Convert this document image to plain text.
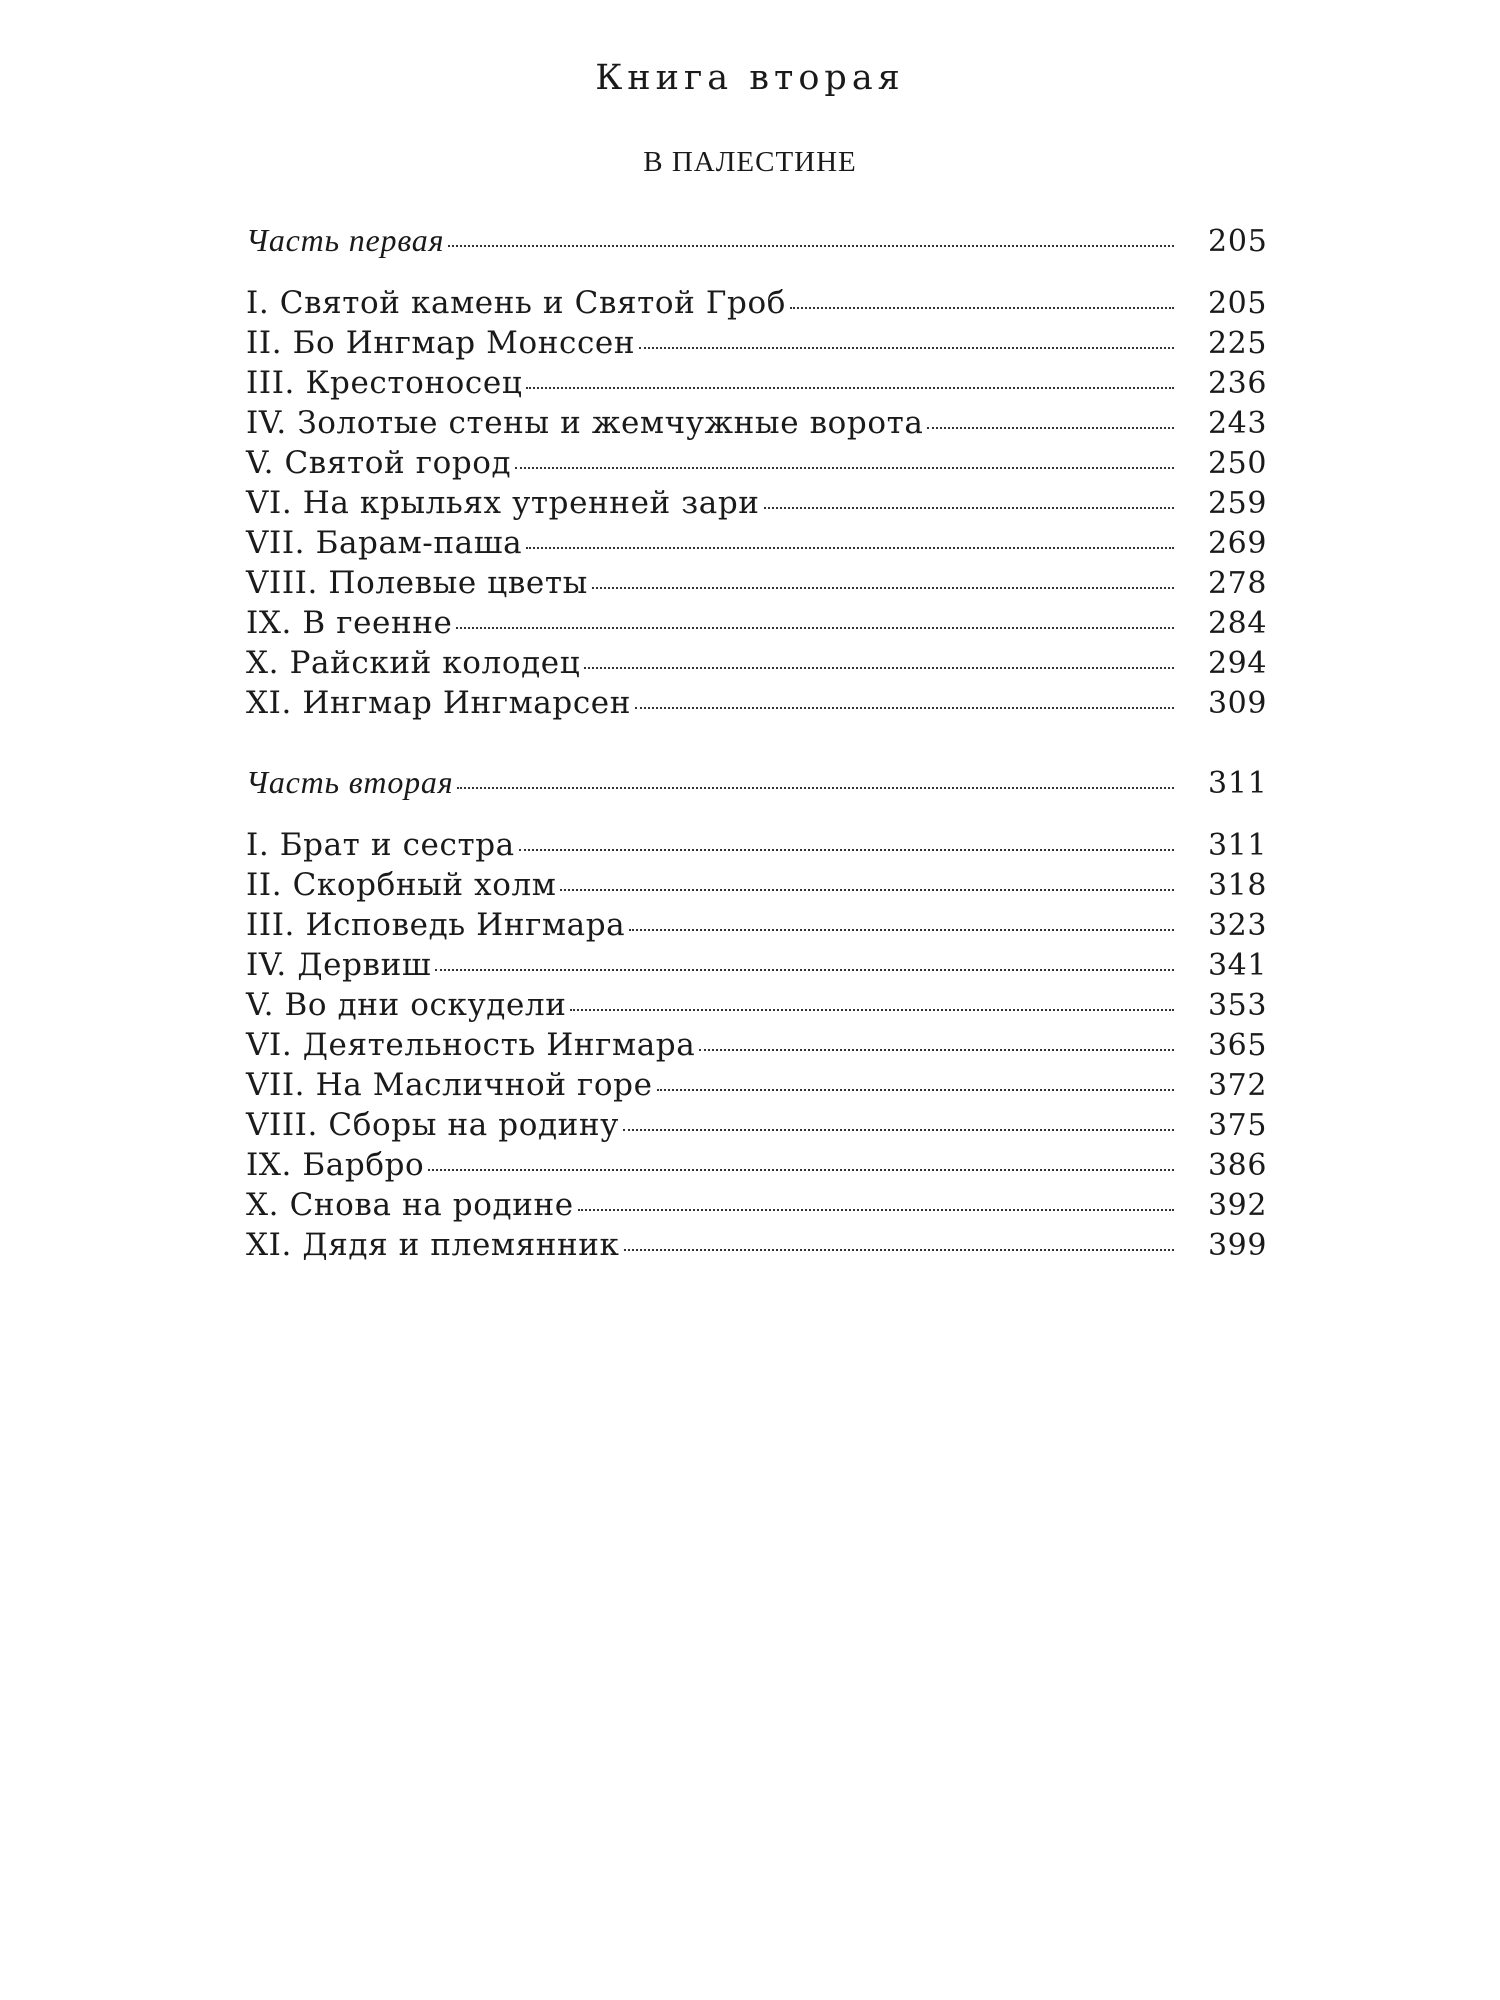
Книга вторая
В ПАЛЕСТИНЕ
Часть первая	205
I. Святой камень и Святой Гроб	205
II. Бо Ингмар Монссен	225
III. Крестоносец	236
IV. Золотые стены и жемчужные ворота	243
V. Святой город	250
VI. На крыльях утренней зари	259
VII. Барам-паша	269
VIII. Полевые цветы	278
IX. В геенне	284
X. Райский колодец	294
XI. Ингмар Ингмарсен	309
Часть вторая	311
I. Брат и сестра	311
II. Скорбный холм	318
III. Исповедь Ингмара	323
IV. Дервиш	341
V. Во дни оскудели	353
VI. Деятельность Ингмара	365
VII. На Масличной горе	372
VIII. Сборы на родину	375
IX. Барбро	386
X. Снова на родине	392
XI. Дядя и племянник	399
